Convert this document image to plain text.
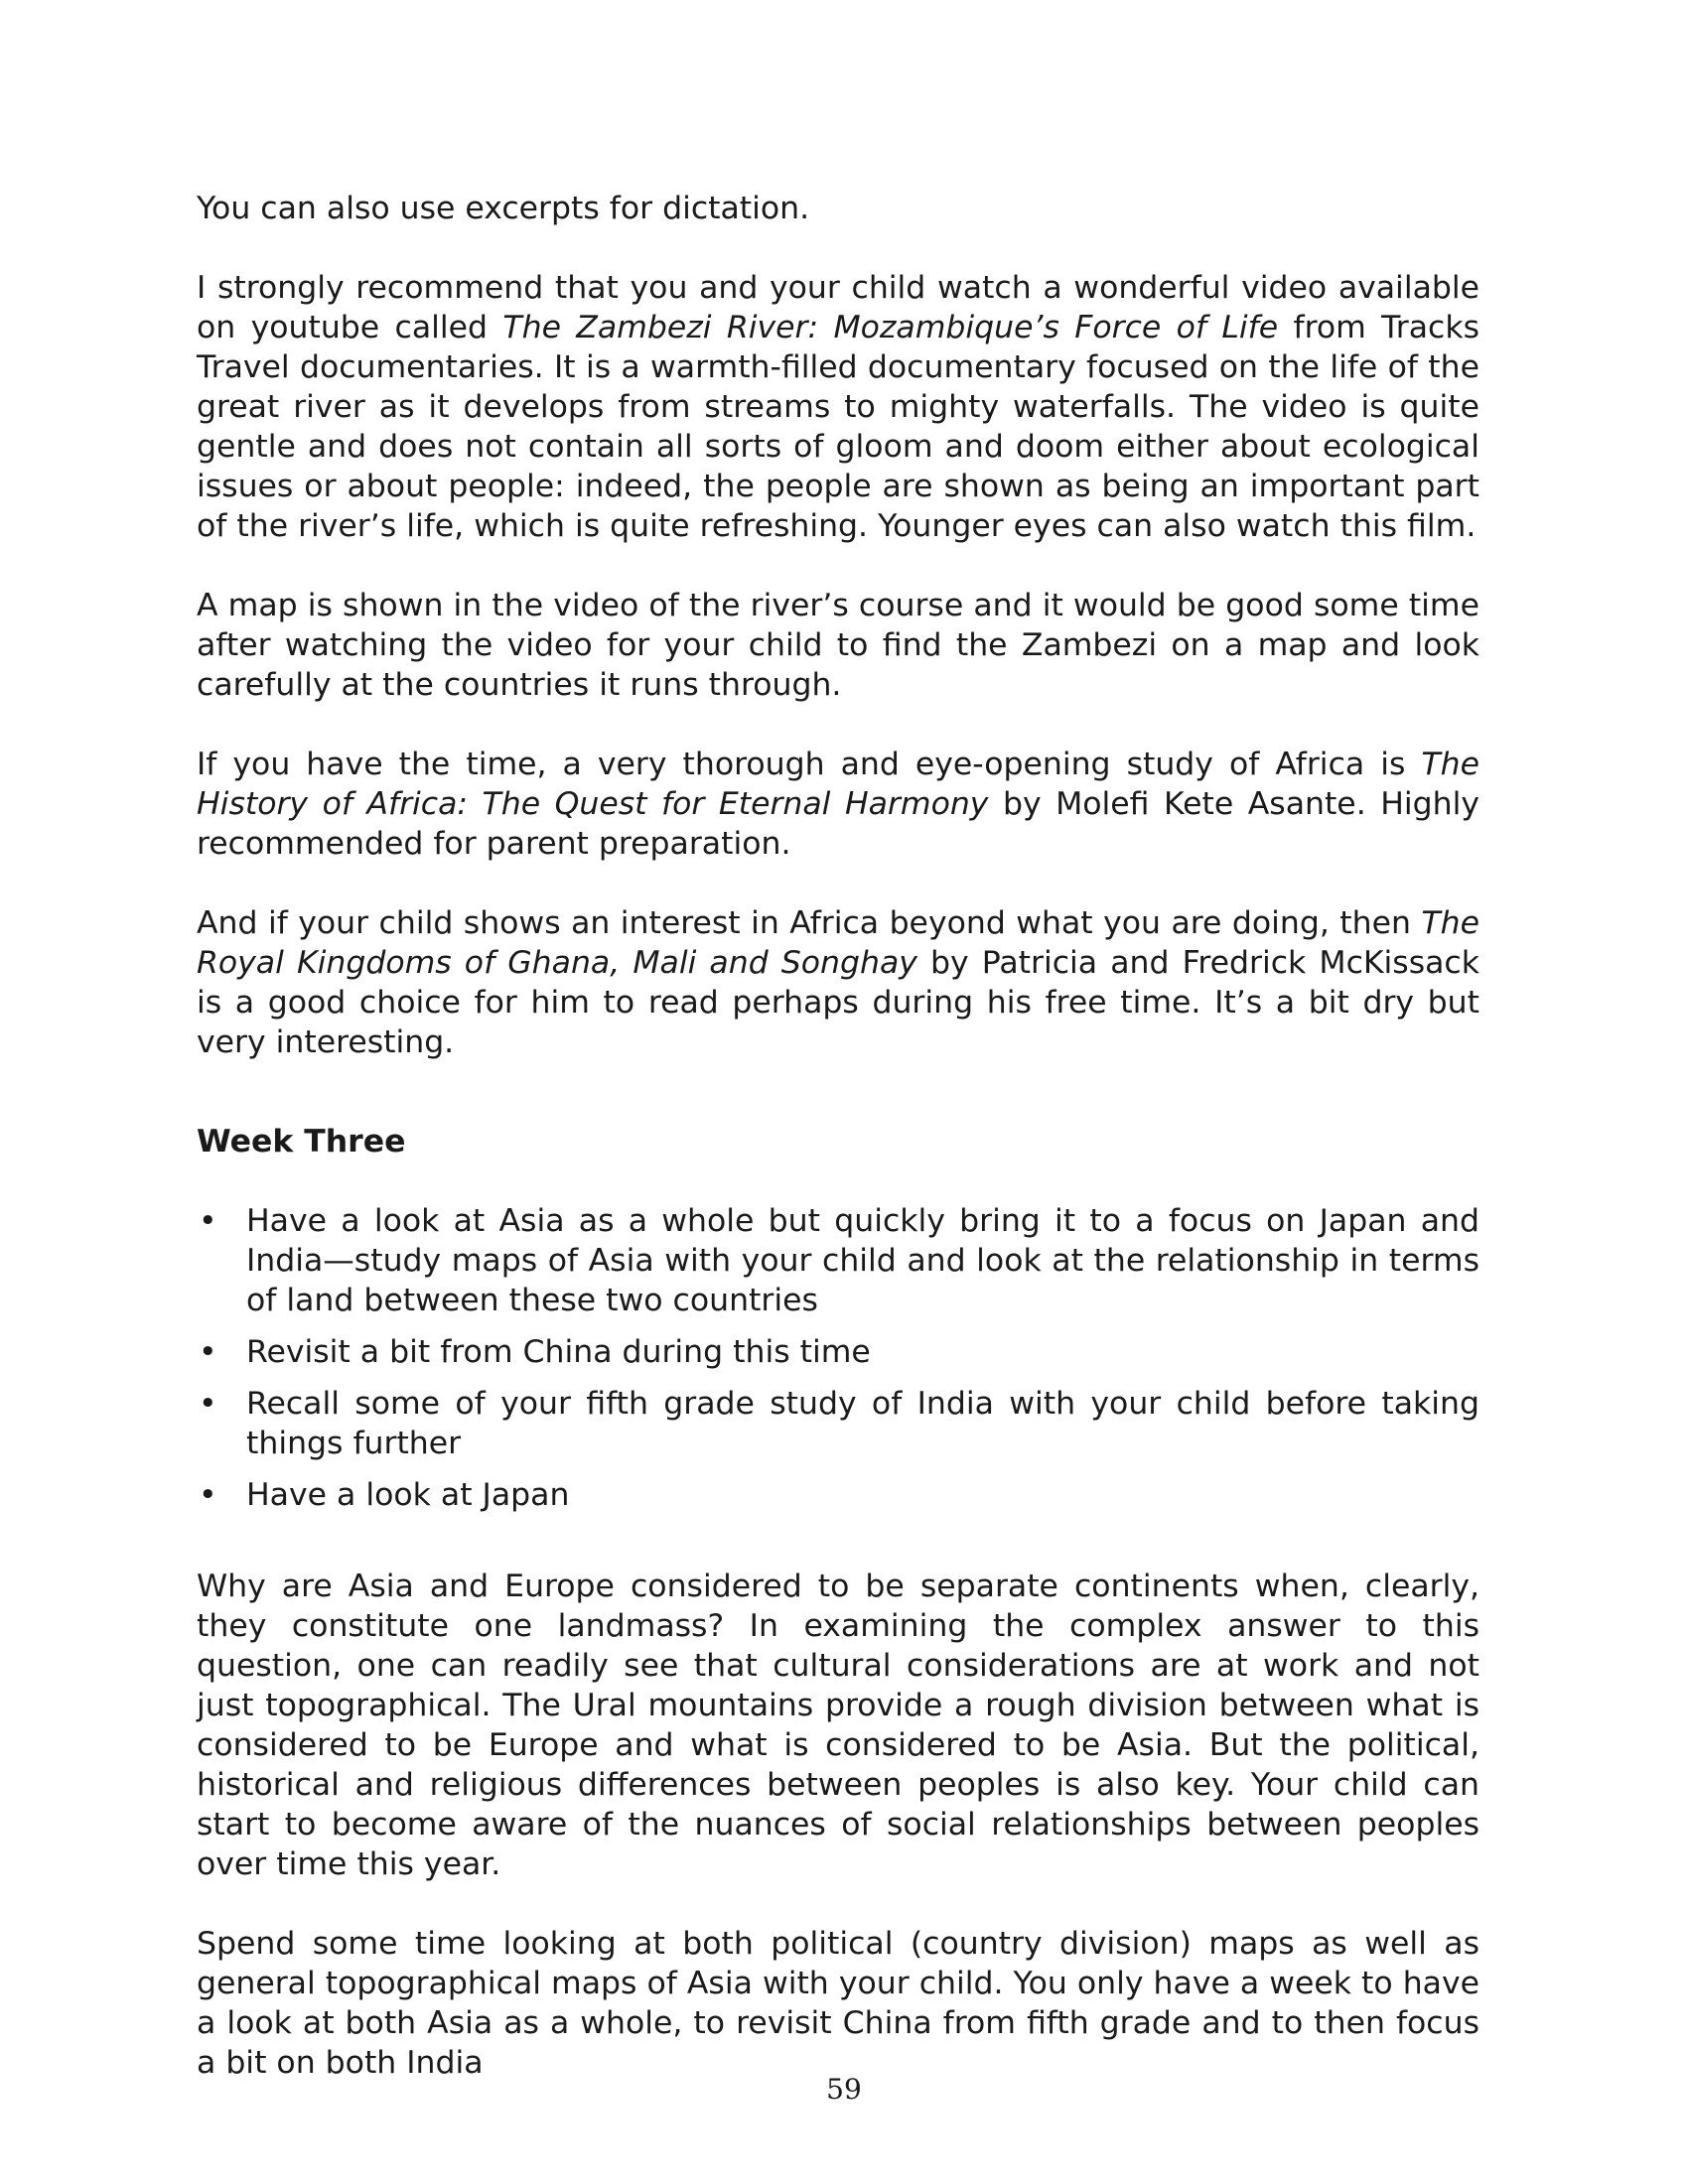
You can also use excerpts for dictation.

I strongly recommend that you and your child watch a wonderful video available on youtube called The Zambezi River: Mozambique’s Force of Life from Tracks Travel documentaries. It is a warmth-filled documentary focused on the life of the great river as it develops from streams to mighty waterfalls. The video is quite gentle and does not contain all sorts of gloom and doom either about ecological issues or about people: indeed, the people are shown as being an important part of the river’s life, which is quite refreshing. Younger eyes can also watch this film.

A map is shown in the video of the river’s course and it would be good some time after watching the video for your child to find the Zambezi on a map and look carefully at the countries it runs through.

If you have the time, a very thorough and eye-opening study of Africa is The History of Africa: The Quest for Eternal Harmony by Molefi Kete Asante. Highly recommended for parent preparation.

And if your child shows an interest in Africa beyond what you are doing, then The Royal Kingdoms of Ghana, Mali and Songhay by Patricia and Fredrick McKissack is a good choice for him to read perhaps during his free time. It’s a bit dry but very interesting.

Week Three
• Have a look at Asia as a whole but quickly bring it to a focus on Japan and India—study maps of Asia with your child and look at the relationship in terms of land between these two countries
• Revisit a bit from China during this time
• Recall some of your fifth grade study of India with your child before taking things further
• Have a look at Japan

Why are Asia and Europe considered to be separate continents when, clearly, they constitute one landmass? In examining the complex answer to this question, one can readily see that cultural considerations are at work and not just topographical. The Ural mountains provide a rough division between what is considered to be Europe and what is considered to be Asia. But the political, historical and religious differences between peoples is also key. Your child can start to become aware of the nuances of social relationships between peoples over time this year.

Spend some time looking at both political (country division) maps as well as general topographical maps of Asia with your child. You only have a week to have a look at both Asia as a whole, to revisit China from fifth grade and to then focus a bit on both India

59
